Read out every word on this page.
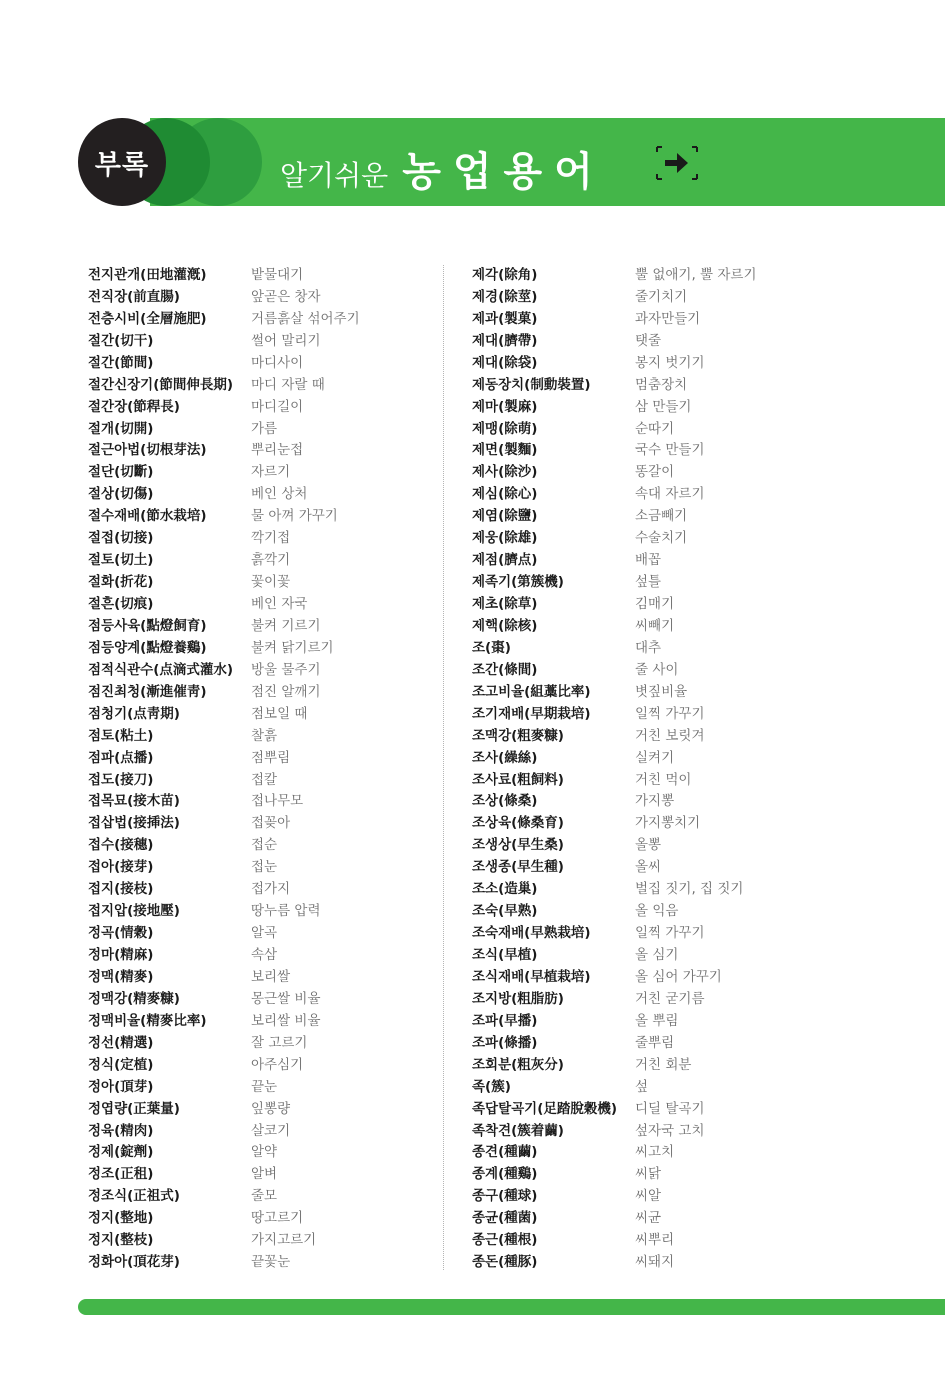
부록	알기쉬운 농업용어
전지관개(田地灌漑)	밭물대기
전직장(前直腸)	앞곧은 창자
전층시비(全層施肥)	거름흙살 섞어주기
절간(切干)	썰어 말리기
절간(節間)	마디사이
절간신장기(節間伸長期)	마디 자랄 때
절간장(節稈長)	마디길이
절개(切開)	가름
절근아법(切根芽法)	뿌리눈접
절단(切斷)	자르기
절상(切傷)	베인 상처
절수재배(節水栽培)	물 아껴 가꾸기
절접(切接)	깍기접
절토(切土)	흙깍기
절화(折花)	꽃이꽃
절흔(切痕)	베인 자국
점등사육(點燈飼育)	불켜 기르기
점등양계(點燈養鷄)	불켜 닭기르기
점적식관수(点滴式灌水)	방울 물주기
점진최청(漸進催靑)	점진 알깨기
점청기(点靑期)	점보일 때
점토(粘土)	찰흙
점파(点播)	점뿌림
접도(接刀)	접칼
접목묘(接木苗)	접나무모
접삽법(接揷法)	접꽂아
접수(接穗)	접순
접아(接芽)	접눈
접지(接枝)	접가지
접지압(接地壓)	땅누름 압력
정곡(情穀)	알곡
정마(精麻)	속삼
정맥(精麥)	보리쌀
정맥강(精麥糠)	몽근쌀 비율
정맥비율(精麥比率)	보리쌀 비율
정선(精選)	잘 고르기
정식(定植)	아주심기
정아(頂芽)	끝눈
정엽량(正葉量)	잎뽕량
정육(精肉)	살코기
정제(錠劑)	알약
정조(正租)	알벼
정조식(正祖式)	줄모
정지(整地)	땅고르기
정지(整枝)	가지고르기
정화아(頂花芽)	끝꽃눈
제각(除角)	뿔 없애기, 뿔 자르기
제경(除莖)	줄기치기
제과(製菓)	과자만들기
제대(臍帶)	탯줄
제대(除袋)	봉지 벗기기
제동장치(制動裝置)	멈춤장치
제마(製麻)	삼 만들기
제맹(除萌)	순따기
제면(製麵)	국수 만들기
제사(除沙)	똥갈이
제심(除心)	속대 자르기
제염(除鹽)	소금빼기
제웅(除雄)	수술치기
제점(臍点)	배꼽
제족기(第簇機)	섶틀
제초(除草)	김매기
제핵(除核)	씨빼기
조(棗)	대추
조간(條間)	줄 사이
조고비율(組藁比率)	볏짚비율
조기재배(早期栽培)	일찍 가꾸기
조맥강(粗麥糠)	거친 보릿겨
조사(繰絲)	실켜기
조사료(粗飼料)	거친 먹이
조상(條桑)	가지뽕
조상육(條桑育)	가지뽕치기
조생상(早生桑)	올뽕
조생종(早生種)	올씨
조소(造巢)	벌집 짓기, 집 짓기
조숙(早熟)	올 익음
조숙재배(早熟栽培)	일찍 가꾸기
조식(早植)	올 심기
조식재배(早植栽培)	올 심어 가꾸기
조지방(粗脂肪)	거친 굳기름
조파(早播)	올 뿌림
조파(條播)	줄뿌림
조회분(粗灰分)	거친 회분
족(簇)	섶
족답탈곡기(足踏脫穀機)	디딜 탈곡기
족착견(簇着繭)	섶자국 고치
종견(種繭)	씨고치
종계(種鷄)	씨닭
종구(種球)	씨알
종균(種菌)	씨균
종근(種根)	씨뿌리
종돈(種豚)	씨돼지
